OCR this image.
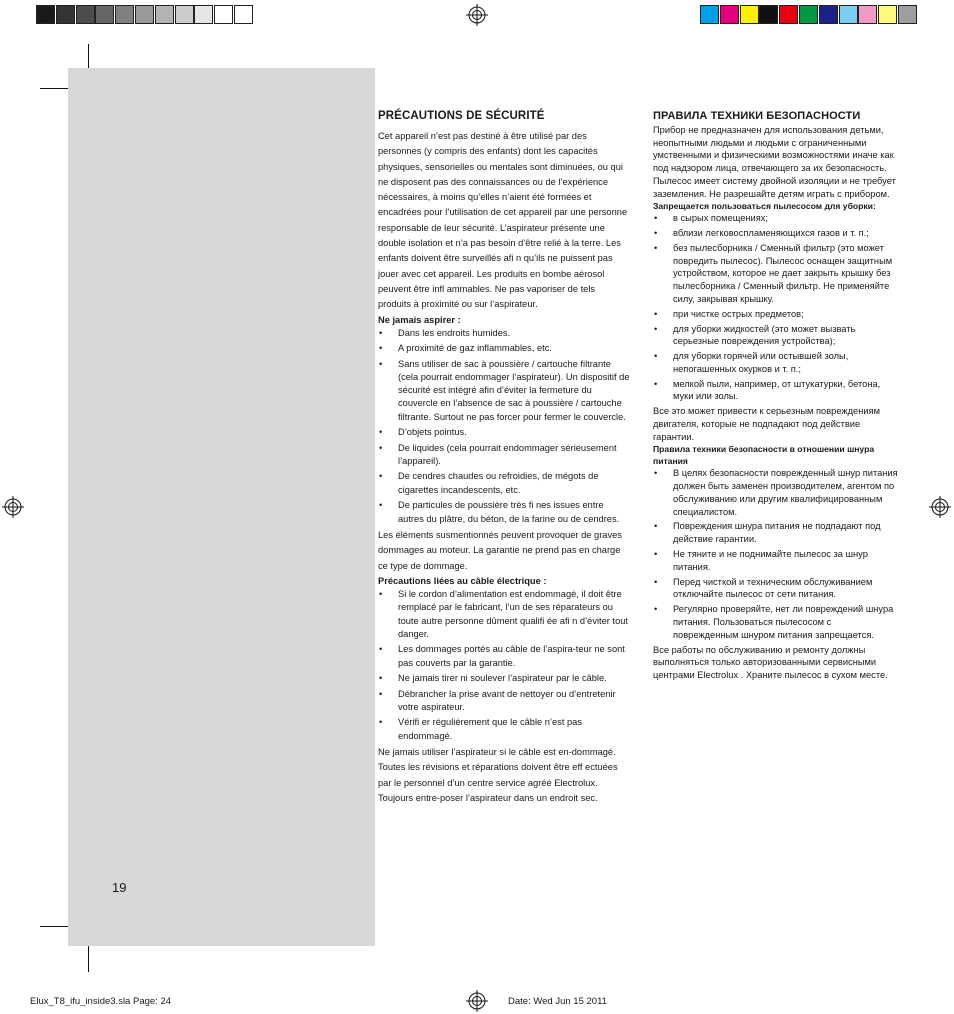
19
PRÉCAUTIONS DE SÉCURITÉ

Cet appareil n’est pas destiné à être utilisé par des personnes (y compris des enfants) dont les capacités physiques, sensorielles ou mentales sont diminuées, ou qui ne disposent pas des connaissances ou de l’expérience nécessaires, à moins qu’elles n’aient été formées et encadrées pour l’utilisation de cet appareil par une personne responsable de leur sécurité. L’aspirateur présente une double isolation et n’a pas besoin d’être relié à la terre. Les enfants doivent être surveillés afi n qu’ils ne puissent pas jouer avec cet appareil. Les produits en bombe aérosol peuvent être infl ammables. Ne pas vaporiser de tels produits à proximité ou sur l’aspirateur.

Ne jamais aspirer :

• Dans les endroits humides.
• A proximité de gaz inflammables, etc.
• Sans utiliser de sac à poussière / cartouche filtrante (cela pourrait endommager l’aspirateur). Un dispositif de sécurité est intégré afin d’éviter la fermeture du couvercle en l’absence de sac à poussière / cartouche filtrante. Surtout ne pas forcer pour fermer le couvercle.
• D’objets pointus.
• De liquides (cela pourrait endommager sérieusement l’appareil).
• De cendres chaudes ou refroidies, de mégots de cigarettes incandescents, etc.
• De particules de poussière très fi nes issues entre autres du plâtre, du béton, de la farine ou de cendres.

Les éléments susmentionnés peuvent provoquer de graves dommages au moteur. La garantie ne prend pas en charge ce type de dommage.

Précautions liées au câble électrique :

• Si le cordon d’alimentation est endommagé, il doit être remplacé par le fabricant, l’un de ses réparateurs ou toute autre personne dûment qualifi ée afi n d’éviter tout danger.
• Les dommages portés au câble de l’aspira-teur ne sont pas couverts par la garantie.
• Ne jamais tirer ni soulever l’aspirateur par le câble.
• Débrancher la prise avant de nettoyer ou d’entretenir votre aspirateur.
• Vérifi er régulièrement que le câble n’est pas endommagé.

Ne jamais utiliser l’aspirateur si le câble est en-dommagé. Toutes les révisions et réparations doivent être eff ectuées par le personnel d’un centre service agréé Electrolux. Toujours entre-poser l’aspirateur dans un endroit sec.

ПРАВИЛА ТЕХНИКИ БЕЗОПАСНОСТИ

Прибор не предназначен для использования детьми, неопытными людьми и людьми с ограниченными умственными и физическими возможностями иначе как под надзором лица, отвечающего за их безопасность. Пылесос имеет систему двойной изоляции и не требует заземления. Не разрешайте детям играть с прибором.

Запрещается пользоваться пылесосом для уборки:

• в сырых помещениях;
• вблизи легковоспламеняющихся газов и т. п.;
• без пылесборника / Сменный фильтр (это может повредить пылесос). Пылесос оснащен защитным устройством, которое не дает закрыть крышку без пылесборника / Сменный фильтр. Не применяйте силу, закрывая крышку.
• при чистке острых предметов;
• для уборки жидкостей (это может вызвать серьезные повреждения устройства);
• для уборки горячей или остывшей золы, непогашенных окурков и т. п.;
• мелкой пыли, например, от штукатурки, бетона, муки или золы.

Все это может привести к серьезным повреждениям двигателя, которые не подпадают под действие гарантии.

Правила техники безопасности в отношении шнура питания

• В целях безопасности поврежденный шнур питания должен быть заменен производителем, агентом по обслуживанию или другим квалифицированным специалистом.
• Повреждения шнура питания не подпадают под действие гарантии.
• Не тяните и не поднимайте пылесос за шнур питания.
• Перед чисткой и техническим обслуживанием отключайте пылесос от сети питания.
• Регулярно проверяйте, нет ли повреждений шнура питания. Пользоваться пылесосом с поврежденным шнуром питания запрещается.

Все работы по обслуживанию и ремонту должны выполняться только авторизованными сервисными центрами Electrolux . Храните пылесос в сухом месте.

Elux_T8_ifu_inside3.sla Page: 24	Date: Wed Jun 15 2011
